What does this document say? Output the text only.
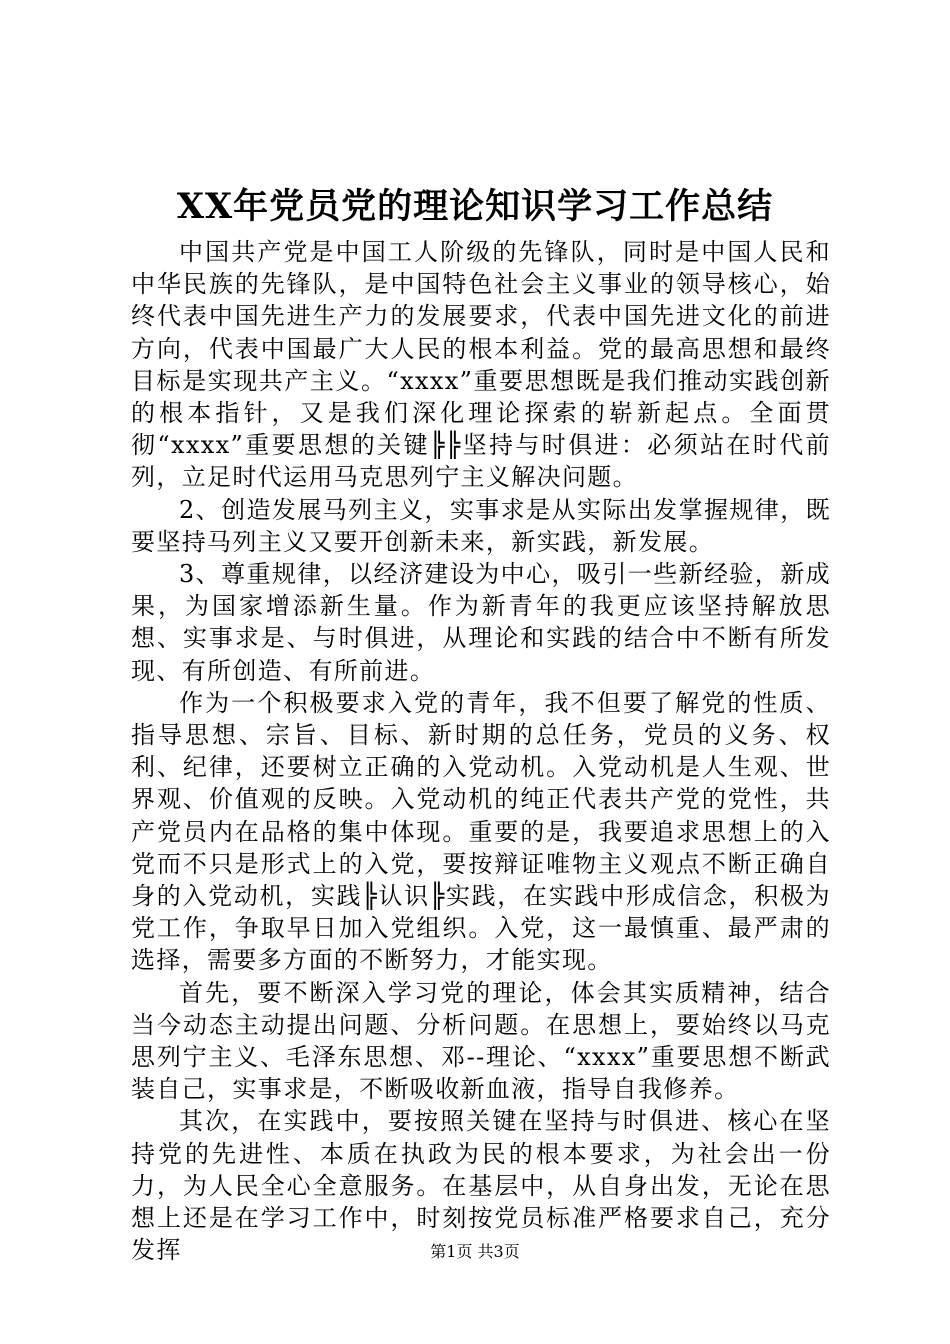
XX年党员党的理论知识学习工作总结

中国共产党是中国工人阶级的先锋队，同时是中国人民和中华民族的先锋队，是中国特色社会主义事业的领导核心，始终代表中国先进生产力的发展要求，代表中国先进文化的前进方向，代表中国最广大人民的根本利益。党的最高思想和最终目标是实现共产主义。“xxxx”重要思想既是我们推动实践创新的根本指针，又是我们深化理论探索的崭新起点。全面贯彻“xxxx”重要思想的关键╠╠坚持与时俱进：必须站在时代前列，立足时代运用马克思列宁主义解决问题。

2、创造发展马列主义，实事求是从实际出发掌握规律，既要坚持马列主义又要开创新未来，新实践，新发展。

3、尊重规律，以经济建设为中心，吸引一些新经验，新成果，为国家增添新生量。作为新青年的我更应该坚持解放思想、实事求是、与时俱进，从理论和实践的结合中不断有所发现、有所创造、有所前进。

作为一个积极要求入党的青年，我不但要了解党的性质、指导思想、宗旨、目标、新时期的总任务，党员的义务、权利、纪律，还要树立正确的入党动机。入党动机是人生观、世界观、价值观的反映。入党动机的纯正代表共产党的党性，共产党员内在品格的集中体现。重要的是，我要追求思想上的入党而不只是形式上的入党，要按辩证唯物主义观点不断正确自身的入党动机，实践╠认识╠实践，在实践中形成信念，积极为党工作，争取早日加入党组织。入党，这一最慎重、最严肃的选择，需要多方面的不断努力，才能实现。

首先，要不断深入学习党的理论，体会其实质精神，结合当今动态主动提出问题、分析问题。在思想上，要始终以马克思列宁主义、毛泽东思想、邓--理论、“xxxx”重要思想不断武装自己，实事求是，不断吸收新血液，指导自我修养。

其次，在实践中，要按照关键在坚持与时俱进、核心在坚持党的先进性、本质在执政为民的根本要求，为社会出一份力，为人民全心全意服务。在基层中，从自身出发，无论在思想上还是在学习工作中，时刻按党员标准严格要求自己，充分发挥	第1页 共3页
